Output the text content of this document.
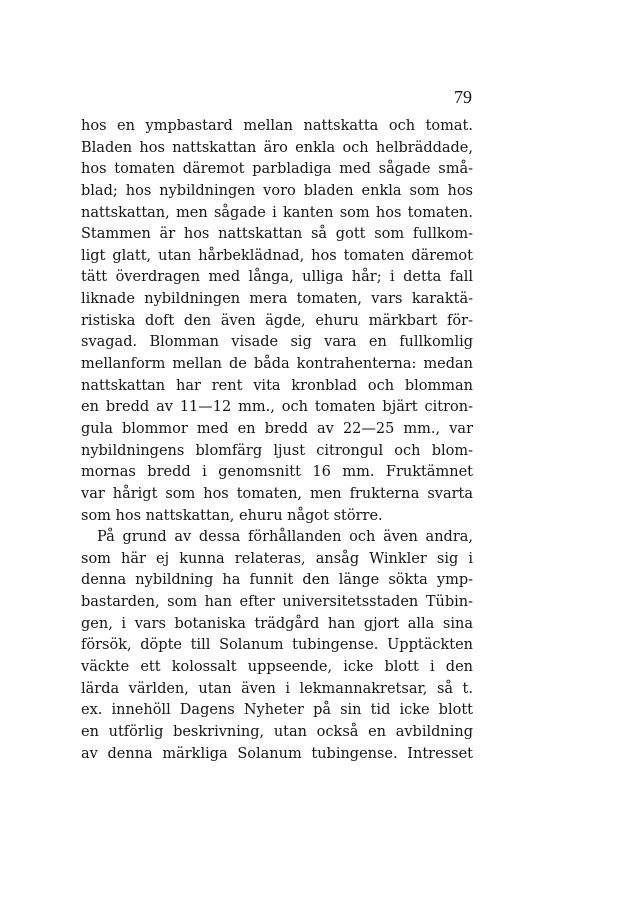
79
hos en ympbastard mellan nattskatta och tomat.
Bladen hos nattskattan äro enkla och helbräddade,
hos tomaten däremot parbladiga med sågade små-
blad; hos nybildningen voro bladen enkla som hos
nattskattan, men sågade i kanten som hos tomaten.
Stammen är hos nattskattan så gott som fullkom-
ligt glatt, utan hårbeklädnad, hos tomaten däremot
tätt överdragen med långa, ulliga hår; i detta fall
liknade nybildningen mera tomaten, vars karaktä-
ristiska doft den även ägde, ehuru märkbart för-
svagad. Blomman visade sig vara en fullkomlig
mellanform mellan de båda kontrahenterna: medan
nattskattan har rent vita kronblad och blomman
en bredd av 11—12 mm., och tomaten bjärt citron-
gula blommor med en bredd av 22—25 mm., var
nybildningens blomfärg ljust citrongul och blom-
mornas bredd i genomsnitt 16 mm. Fruktämnet
var hårigt som hos tomaten, men frukterna svarta
som hos nattskattan, ehuru något större.
På grund av dessa förhållanden och även andra,
som här ej kunna relateras, ansåg Winkler sig i
denna nybildning ha funnit den länge sökta ymp-
bastarden, som han efter universitetsstaden Tübin-
gen, i vars botaniska trädgård han gjort alla sina
försök, döpte till Solanum tubingense. Upptäckten
väckte ett kolossalt uppseende, icke blott i den
lärda världen, utan även i lekmannakretsar, så t.
ex. innehöll Dagens Nyheter på sin tid icke blott
en utförlig beskrivning, utan också en avbildning
av denna märkliga Solanum tubingense. Intresset
